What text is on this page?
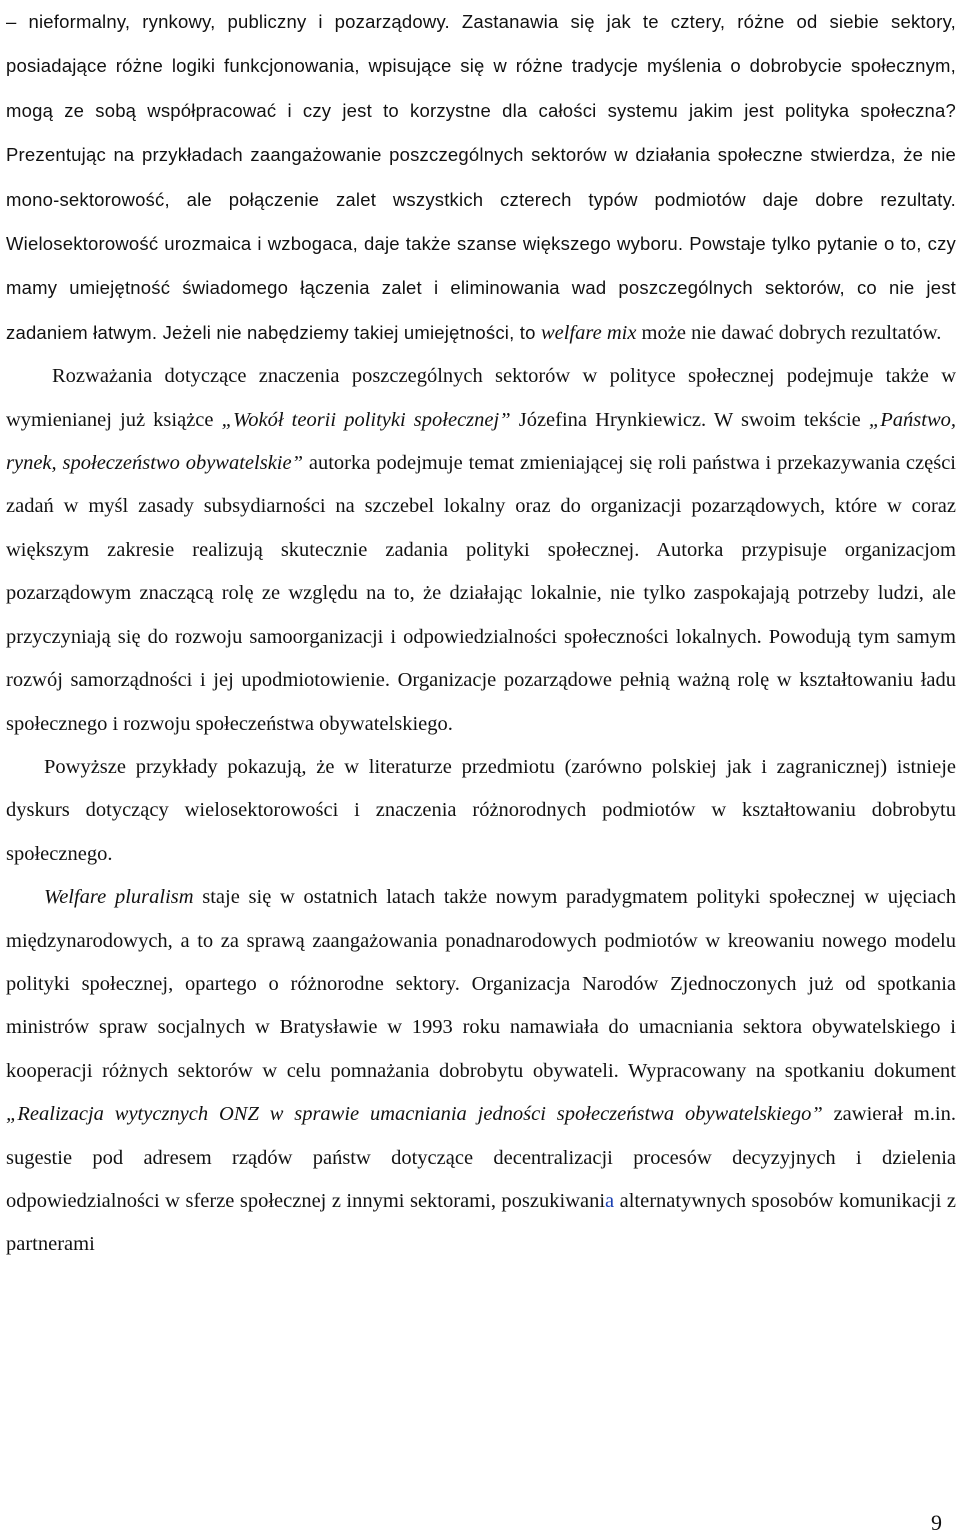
– nieformalny, rynkowy, publiczny i pozarządowy. Zastanawia się jak te cztery, różne od siebie sektory, posiadające różne logiki funkcjonowania, wpisujące się w różne tradycje myślenia o dobrobycie społecznym, mogą ze sobą współpracować i czy jest to korzystne dla całości systemu jakim jest polityka społeczna? Prezentując na przykładach zaangażowanie poszczególnych sektorów w działania społeczne stwierdza, że nie mono-sektorowość, ale połączenie zalet wszystkich czterech typów podmiotów daje dobre rezultaty. Wielosektorowość urozmaica i wzbogaca, daje także szanse większego wyboru. Powstaje tylko pytanie o to, czy mamy umiejętność świadomego łączenia zalet i eliminowania wad poszczególnych sektorów, co nie jest zadaniem łatwym. Jeżeli nie nabędziemy takiej umiejętności, to welfare mix może nie dawać dobrych rezultatów.

Rozważania dotyczące znaczenia poszczególnych sektorów w polityce społecznej podejmuje także w wymienianej już książce „Wokół teorii polityki społecznej” Józefina Hrynkiewicz. W swoim tekście „Państwo, rynek, społeczeństwo obywatelskie” autorka podejmuje temat zmieniającej się roli państwa i przekazywania części zadań w myśl zasady subsydiarności na szczebel lokalny oraz do organizacji pozarządowych, które w coraz większym zakresie realizują skutecznie zadania polityki społecznej. Autorka przypisuje organizacjom pozarządowym znaczącą rolę ze względu na to, że działając lokalnie, nie tylko zaspokajają potrzeby ludzi, ale przyczyniają się do rozwoju samoorganizacji i odpowiedzialności społeczności lokalnych. Powodują tym samym rozwój samorządności i jej upodmiotowienie. Organizacje pozarządowe pełnią ważną rolę w kształtowaniu ładu społecznego i rozwoju społeczeństwa obywatelskiego.

Powyższe przykłady pokazują, że w literaturze przedmiotu (zarówno polskiej jak i zagranicznej) istnieje dyskurs dotyczący wielosektorowości i znaczenia różnorodnych podmiotów w kształtowaniu dobrobytu społecznego.

Welfare pluralism staje się w ostatnich latach także nowym paradygmatem polityki społecznej w ujęciach międzynarodowych, a to za sprawą zaangażowania ponadnarodowych podmiotów w kreowaniu nowego modelu polityki społecznej, opartego o różnorodne sektory. Organizacja Narodów Zjednoczonych już od spotkania ministrów spraw socjalnych w Bratysławie w 1993 roku namawiała do umacniania sektora obywatelskiego i kooperacji różnych sektorów w celu pomnażania dobrobytu obywateli. Wypracowany na spotkaniu dokument „Realizacja wytycznych ONZ w sprawie umacniania jedności społeczeństwa obywatelskiego” zawierał m.in. sugestie pod adresem rządów państw dotyczące decentralizacji procesów decyzyjnych i dzielenia odpowiedzialności w sferze społecznej z innymi sektorami, poszukiwania alternatywnych sposobów komunikacji z partnerami

9
